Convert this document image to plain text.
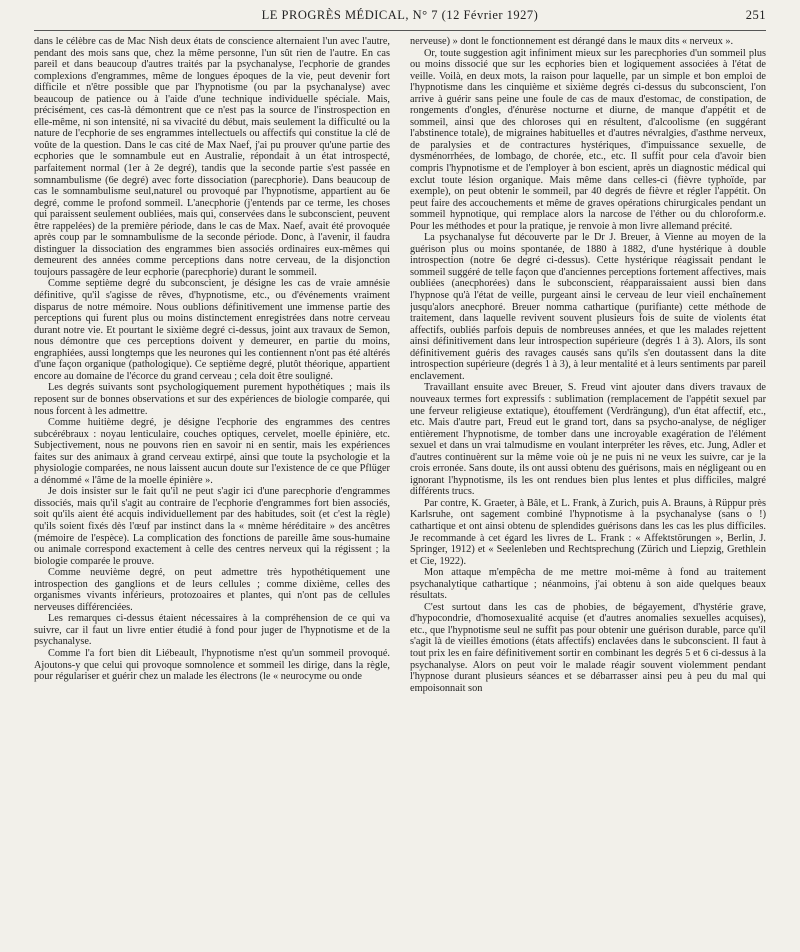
LE PROGRÈS MÉDICAL, N° 7 (12 Février 1927)	251

dans le célèbre cas de Mac Nish deux états de conscience alternaient l'un avec l'autre, pendant des mois sans que, chez la même personne, l'un sût rien de l'autre. En cas pareil et dans beaucoup d'autres traités par la psychanalyse, l'ecphorie de grandes complexions d'engrammes, même de longues époques de la vie, peut devenir fort difficile et n'être possible que par l'hypnotisme (ou par la psychanalyse) avec beaucoup de patience ou à l'aide d'une technique individuelle spéciale. Mais, précisément, ces cas-là démontrent que ce n'est pas la source de l'instrospection en elle-même, ni son intensité, ni sa vivacité du début, mais seulement la difficulté ou la nature de l'ecphorie de ses engrammes intellectuels ou affectifs qui constitue la clé de voûte de la question. Dans le cas cité de Max Naef, j'ai pu prouver qu'une partie des ecphories que le somnambule eut en Australie, répondait à un état introspecté, parfaitement normal (1er à 2e degré), tandis que la seconde partie s'est passée en somnambulisme (6e degré) avec forte dissociation (parecphorie). Dans beaucoup de cas le somnambulisme seul,naturel ou provoqué par l'hypnotisme, appartient au 6e degré, comme le profond sommeil. L'anecphorie (j'entends par ce terme, les choses qui paraissent seulement oubliées, mais qui, conservées dans le subconscient, peuvent être rappelées) de la première période, dans le cas de Max. Naef, avait été provoquée après coup par le somnambulisme de la seconde période. Donc, à l'avenir, il faudra distinguer la dissociation des engrammes bien associés ordinaires eux-mêmes qui demeurent des années comme perceptions dans notre cerveau, de la disjonction toujours passagère de leur ecphorie (parecphorie) durant le sommeil.

Comme septième degré du subconscient, je désigne les cas de vraie amnésie définitive, qu'il s'agisse de rêves, d'hypnotisme, etc., ou d'événements vraiment disparus de notre mémoire. Nous oublions définitivement une immense partie des perceptions qui furent plus ou moins distinctement enregistrées dans notre cerveau durant notre vie. Et pourtant le sixième degré ci-dessus, joint aux travaux de Semon, nous démontre que ces perceptions doivent y demeurer, en partie du moins, engraphiées, aussi longtemps que les neurones qui les contiennent n'ont pas été altérés d'une façon organique (pathologique). Ce septième degré, plutôt théorique, appartient encore au domaine de l'écorce du grand cerveau ; cela doit être souligné.

Les degrés suivants sont psychologiquement purement hypothétiques ; mais ils reposent sur de bonnes observations et sur des expériences de biologie comparée, qui nous forcent à les admettre.

Comme huitième degré, je désigne l'ecphorie des engrammes des centres subcérébraux : noyau lenticulaire, couches optiques, cervelet, moelle épinière, etc. Subjectivement, nous ne pouvons rien en savoir ni en sentir, mais les expériences faites sur des animaux à grand cerveau extirpé, ainsi que toute la psychologie et la physiologie comparées, ne nous laissent aucun doute sur l'existence de ce que Pflüger a dénommé « l'âme de la moelle épinière ».

Je dois insister sur le fait qu'il ne peut s'agir ici d'une parecphorie d'engrammes dissociés, mais qu'il s'agit au contraire de l'ecphorie d'engrammes fort bien associés, soit qu'ils aient été acquis individuellement par des habitudes, soit (et c'est la règle) qu'ils soient fixés dès l'œuf par instinct dans la « mnème héréditaire » des ancêtres (mémoire de l'espèce). La complication des fonctions de pareille âme sous-humaine ou animale correspond exactement à celle des centres nerveux qui la régissent ; la biologie comparée le prouve.

Comme neuvième degré, on peut admettre très hypothétiquement une introspection des ganglions et de leurs cellules ; comme dixième, celles des organismes vivants inférieurs, protozoaires et plantes, qui n'ont pas de cellules nerveuses différenciées.

Les remarques ci-dessus étaient nécessaires à la compréhension de ce qui va suivre, car il faut un livre entier étudié à fond pour juger de l'hypnotisme et de la psychanalyse.

Comme l'a fort bien dit Liébeault, l'hypnotisme n'est qu'un sommeil provoqué. Ajoutons-y que celui qui provoque somnolence et sommeil les dirige, dans la règle, pour régulariser et guérir chez un malade les électrons (le « neurocyme ou onde

nerveuse) » dont le fonctionnement est dérangé dans le maux dits « nerveux ».

Or, toute suggestion agit infiniment mieux sur les parecphories d'un sommeil plus ou moins dissocié que sur les ecphories bien et logiquement associées à l'état de veille. Voilà, en deux mots, la raison pour laquelle, par un simple et bon emploi de l'hypnotisme dans les cinquième et sixième degrés ci-dessus du subconscient, l'on arrive à guérir sans peine une foule de cas de maux d'estomac, de constipation, de rongements d'ongles, d'énurèse nocturne et diurne, de manque d'appétit et de sommeil, ainsi que des chloroses qui en résultent, d'alcoolisme (en suggérant l'abstinence totale), de migraines habituelles et d'autres névralgies, d'asthme nerveux, de paralysies et de contractures hystériques, d'impuissance sexuelle, de dysménorrhées, de lombago, de chorée, etc., etc. Il suffit pour cela d'avoir bien compris l'hypnotisme et de l'employer à bon escient, après un diagnostic médical qui exclut toute lésion organique. Mais même dans celles-ci (fièvre typhoïde, par exemple), on peut obtenir le sommeil, par 40 degrés de fièvre et régler l'appétit. On peut faire des accouchements et même de graves opérations chirurgicales pendant un sommeil hypnotique, qui remplace alors la narcose de l'éther ou du chloroform.e. Pour les méthodes et pour la pratique, je renvoie à mon livre allemand précité.

La psychanalyse fut découverte par le Dr J. Breuer, à Vienne au moyen de la guérison plus ou moins spontanée, de 1880 à 1882, d'une hystérique à double introspection (notre 6e degré ci-dessus). Cette hystérique réagissait pendant le sommeil suggéré de telle façon que d'anciennes perceptions fortement affectives, mais oubliées (anecphorées) dans le subconscient, réapparaissaient aussi bien dans l'hypnose qu'à l'état de veille, purgeant ainsi le cerveau de leur vieil enchaînement jusqu'alors anecphoré. Breuer nomma cathartique (purifiante) cette méthode de traitement, dans laquelle revivent souvent plusieurs fois de suite de violents état affectifs, oubliés parfois depuis de nombreuses années, et que les malades rejettent ainsi définitivement dans leur introspection supérieure (degrés 1 à 3). Alors, ils sont définitivement guéris des ravages causés sans qu'ils s'en doutassent dans la dite introspection supérieure (degrés 1 à 3), à leur mentalité et à leurs sentiments par pareil enclavement.

Travaillant ensuite avec Breuer, S. Freud vint ajouter dans divers travaux de nouveaux termes fort expressifs : sublimation (remplacement de l'appétit sexuel par une ferveur religieuse extatique), étouffement (Verdrängung), d'un état affectif, etc., etc. Mais d'autre part, Freud eut le grand tort, dans sa psycho-analyse, de négliger entièrement l'hypnotisme, de tomber dans une incroyable exagération de l'élément sexuel et dans un vrai talmudisme en voulant interpréter les rêves, etc. Jung, Adler et d'autres continuèrent sur la même voie où je ne puis ni ne veux les suivre, car je la crois erronée. Sans doute, ils ont aussi obtenu des guérisons, mais en négligeant ou en ignorant l'hypnotisme, ils les ont rendues bien plus lentes et plus difficiles, malgré différents trucs.

Par contre, K. Graeter, à Bâle, et L. Frank, à Zurich, puis A. Brauns, à Rüppur près Karlsruhe, ont sagement combiné l'hypnotisme à la psychanalyse (sans o !) cathartique et ont ainsi obtenu de splendides guérisons dans les cas les plus difficiles. Je recommande à cet égard les livres de L. Frank : « Affektstörungen », Berlin, J. Springer, 1912) et « Seelenleben und Rechtsprechung (Zürich und Liepzig, Grethlein et Cie, 1922).

Mon attaque m'empêcha de me mettre moi-même à fond au traitement psychanalytique cathartique ; néanmoins, j'ai obtenu à son aide quelques beaux résultats.

C'est surtout dans les cas de phobies, de bégayement, d'hystérie grave, d'hypocondrie, d'homosexualité acquise (et d'autres anomalies sexuelles acquises), etc., que l'hypnotisme seul ne suffit pas pour obtenir une guérison durable, parce qu'il s'agit là de vieilles émotions (états affectifs) enclavées dans le subconscient. Il faut à tout prix les en faire définitivement sortir en combinant les degrés 5 et 6 ci-dessus à la psychanalyse. Alors on peut voir le malade réagir souvent violemment pendant l'hypnose durant plusieurs séances et se débarrasser ainsi peu à peu du mal qui empoisonnait son
